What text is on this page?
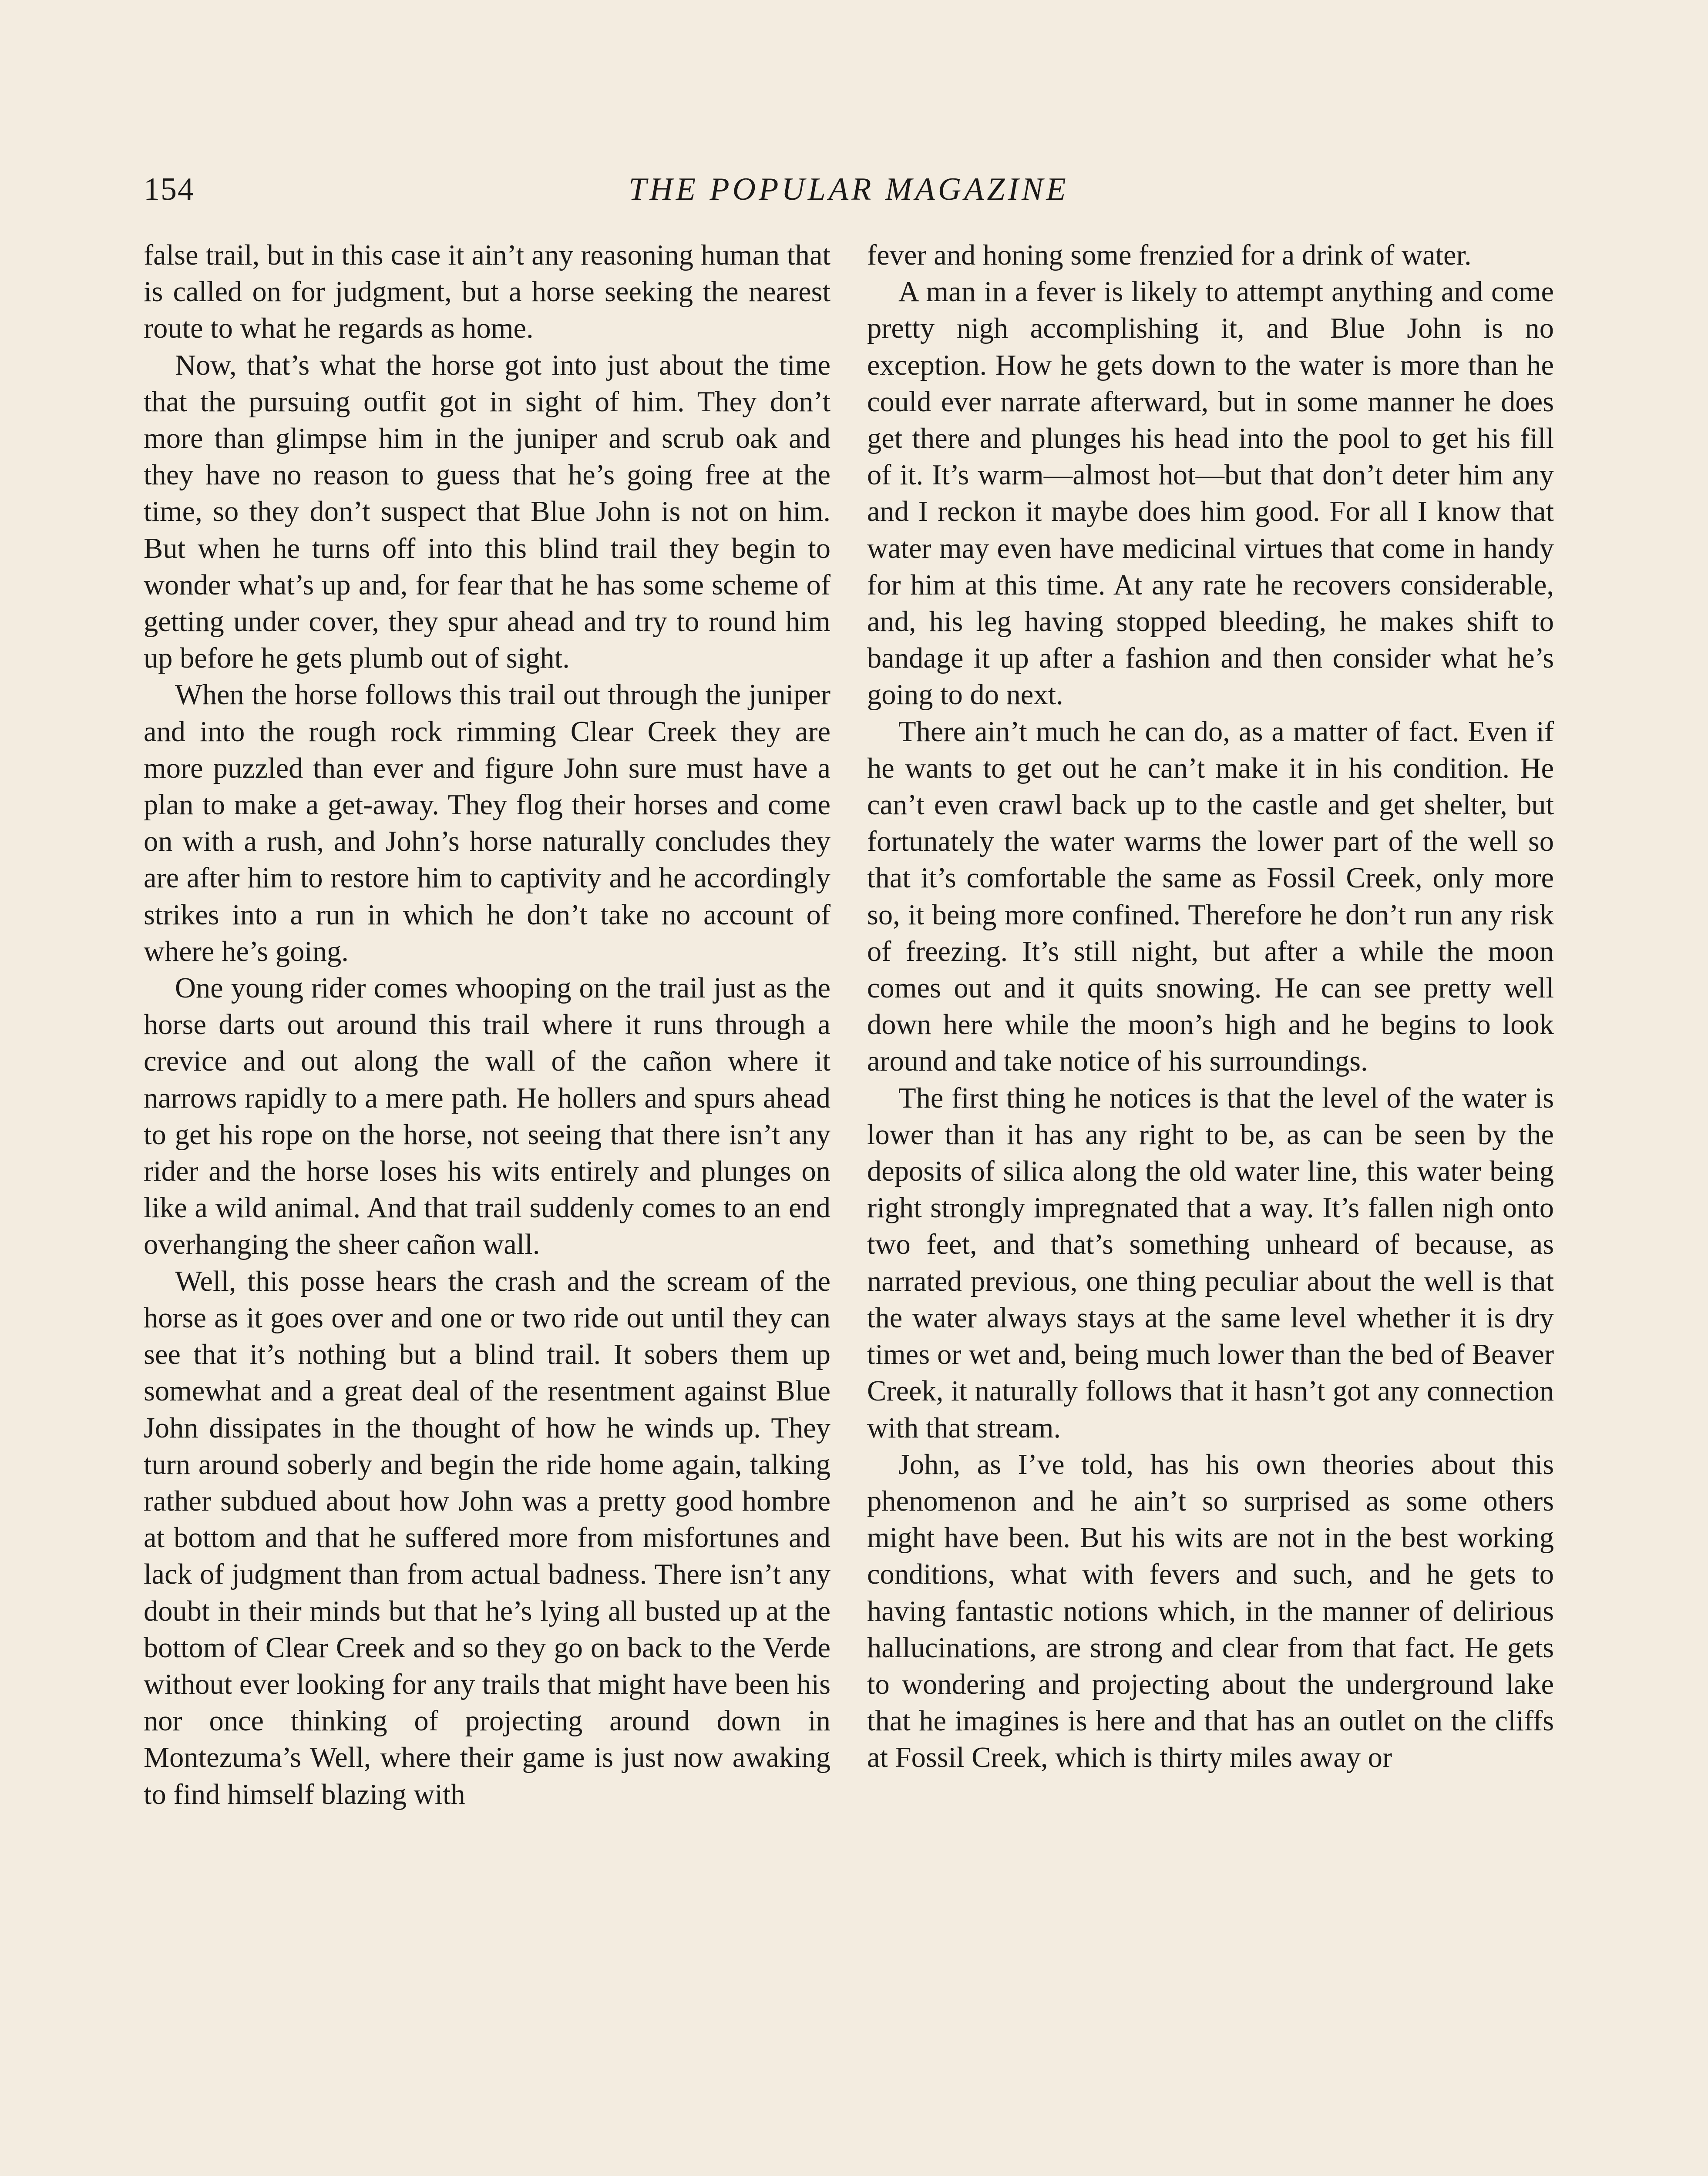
154	THE POPULAR MAGAZINE

false trail, but in this case it ain’t any reasoning human that is called on for judgment, but a horse seeking the nearest route to what he regards as home.

Now, that’s what the horse got into just about the time that the pursuing outfit got in sight of him. They don’t more than glimpse him in the juniper and scrub oak and they have no reason to guess that he’s going free at the time, so they don’t suspect that Blue John is not on him. But when he turns off into this blind trail they begin to wonder what’s up and, for fear that he has some scheme of getting under cover, they spur ahead and try to round him up before he gets plumb out of sight.

When the horse follows this trail out through the juniper and into the rough rock rimming Clear Creek they are more puzzled than ever and figure John sure must have a plan to make a get-away. They flog their horses and come on with a rush, and John’s horse naturally concludes they are after him to restore him to captivity and he accordingly strikes into a run in which he don’t take no account of where he’s going.

One young rider comes whooping on the trail just as the horse darts out around this trail where it runs through a crevice and out along the wall of the cañon where it narrows rapidly to a mere path. He hollers and spurs ahead to get his rope on the horse, not seeing that there isn’t any rider and the horse loses his wits entirely and plunges on like a wild animal. And that trail suddenly comes to an end overhanging the sheer cañon wall.

Well, this posse hears the crash and the scream of the horse as it goes over and one or two ride out until they can see that it’s nothing but a blind trail. It sobers them up somewhat and a great deal of the resentment against Blue John dissipates in the thought of how he winds up. They turn around soberly and begin the ride home again, talking rather subdued about how John was a pretty good hombre at bottom and that he suffered more from misfortunes and lack of judgment than from actual badness. There isn’t any doubt in their minds but that he’s lying all busted up at the bottom of Clear Creek and so they go on back to the Verde without ever looking for any trails that might have been his nor once thinking of projecting around down in Montezuma’s Well, where their game is just now awaking to find himself blazing with

fever and honing some frenzied for a drink of water.

A man in a fever is likely to attempt anything and come pretty nigh accomplishing it, and Blue John is no exception. How he gets down to the water is more than he could ever narrate afterward, but in some manner he does get there and plunges his head into the pool to get his fill of it. It’s warm—almost hot—but that don’t deter him any and I reckon it maybe does him good. For all I know that water may even have medicinal virtues that come in handy for him at this time. At any rate he recovers considerable, and, his leg having stopped bleeding, he makes shift to bandage it up after a fashion and then consider what he’s going to do next.

There ain’t much he can do, as a matter of fact. Even if he wants to get out he can’t make it in his condition. He can’t even crawl back up to the castle and get shelter, but fortunately the water warms the lower part of the well so that it’s comfortable the same as Fossil Creek, only more so, it being more confined. Therefore he don’t run any risk of freezing. It’s still night, but after a while the moon comes out and it quits snowing. He can see pretty well down here while the moon’s high and he begins to look around and take notice of his surroundings.

The first thing he notices is that the level of the water is lower than it has any right to be, as can be seen by the deposits of silica along the old water line, this water being right strongly impregnated that a way. It’s fallen nigh onto two feet, and that’s something unheard of because, as narrated previous, one thing peculiar about the well is that the water always stays at the same level whether it is dry times or wet and, being much lower than the bed of Beaver Creek, it naturally follows that it hasn’t got any connection with that stream.

John, as I’ve told, has his own theories about this phenomenon and he ain’t so surprised as some others might have been. But his wits are not in the best working conditions, what with fevers and such, and he gets to having fantastic notions which, in the manner of delirious hallucinations, are strong and clear from that fact. He gets to wondering and projecting about the underground lake that he imagines is here and that has an outlet on the cliffs at Fossil Creek, which is thirty miles away or
